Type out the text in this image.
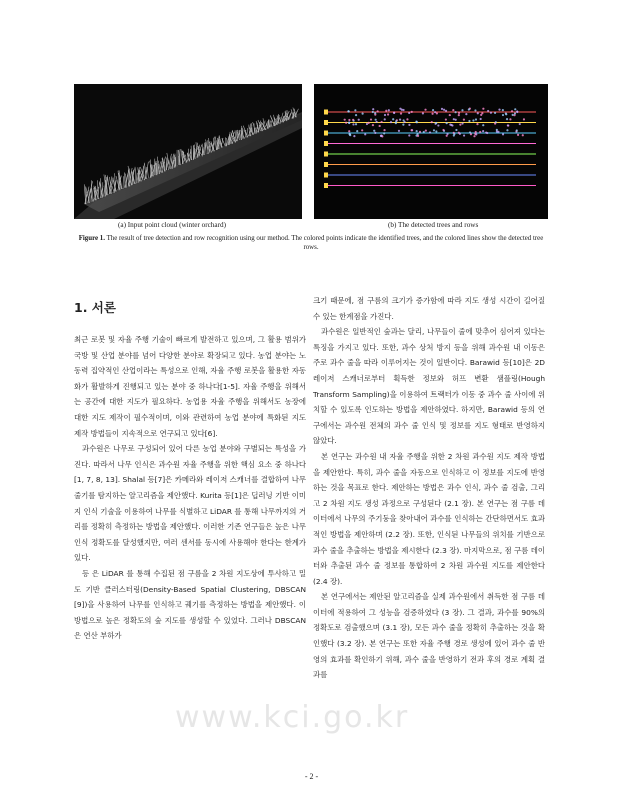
(a) Input point cloud (winter orchard)	(b) The detected trees and rows
Figure 1. The result of tree detection and row recognition using our method. The colored points indicate the identified trees, and the colored lines show the detected tree rows.
1. 서론

최근 로봇 및 자율 주행 기술이 빠르게 발전하고 있으며, 그 활용 범위가 국방 및 산업 분야를 넘어 다양한 분야로 확장되고 있다. 농업 분야는 노동력 집약적인 산업이라는 특성으로 인해, 자율 주행 로봇을 활용한 자동화가 활발하게 진행되고 있는 분야 중 하나다[1-5]. 자율 주행을 위해서는 공간에 대한 지도가 필요하다. 농업용 자율 주행을 위해서도 농장에 대한 지도 제작이 필수적이며, 이와 관련하여 농업 분야에 특화된 지도 제작 방법들이 지속적으로 연구되고 있다[6].

과수원은 나무로 구성되어 있어 다른 농업 분야와 구별되는 특성을 가진다. 따라서 나무 인식은 과수원 자율 주행을 위한 핵심 요소 중 하나다[1, 7, 8, 13]. Shalal 등[7]은 카메라와 레이저 스캐너를 결합하여 나무 줄기를 탐지하는 알고리즘을 제안했다. Kurita 등[1]은 딥러닝 기반 이미지 인식 기술을 이용하여 나무를 식별하고 LiDAR 를 통해 나무까지의 거리를 정확히 측정하는 방법을 제안했다. 이러한 기존 연구들은 높은 나무 인식 정확도를 달성했지만, 여러 센서를 동시에 사용해야 한다는 한계가 있다.

등 은 LiDAR 를 통해 수집된 점 구름을 2 차원 지도상에 투사하고 밀도 기반 클러스터링(Density-Based Spatial Clustering, DBSCAN [9])을 사용하여 나무를 인식하고 궤기를 측정하는 방법을 제안했다. 이 방법으로 높은 정확도의 숲 지도를 생성할 수 있었다. 그러나 DBSCAN 은 연산 부하가

크기 때문에, 점 구름의 크기가 증가함에 따라 지도 생성 시간이 길어질 수 있는 한계점을 가진다.

과수원은 일반적인 숲과는 달리, 나무들이 줄에 맞추어 심어져 있다는 특징을 가지고 있다. 또한, 과수 상처 방지 등을 위해 과수원 내 이동은 주로 과수 줄을 따라 이루어지는 것이 일반이다. Barawid 등[10]은 2D 레이저 스캐너로부터 획득한 정보와 허프 변환 샘플링(Hough Transform Sampling)을 이용하여 트랙터가 이동 중 과수 줄 사이에 위치할 수 있도록 인도하는 방법을 제안하였다. 하지만, Barawid 등의 연구에서는 과수원 전체의 과수 줄 인식 및 정보를 지도 형태로 반영하지 않았다.

본 연구는 과수원 내 자율 주행을 위한 2 차원 과수원 지도 제작 방법을 제안한다. 특히, 과수 줄을 자동으로 인식하고 이 정보를 지도에 반영하는 것을 목표로 한다. 제안하는 방법은 과수 인식, 과수 줄 검출, 그리고 2 차원 지도 생성 과정으로 구성된다 (2.1 장). 본 연구는 점 구름 데이터에서 나무의 주기둥을 찾아내어 과수를 인식하는 간단하면서도 효과적인 방법을 제안하며 (2.2 장). 또한, 인식된 나무들의 위치를 기반으로 과수 줄을 추출하는 방법을 제시한다 (2.3 장). 마지막으로, 점 구름 데이터와 추출된 과수 줄 정보를 통합하여 2 차원 과수원 지도를 제안한다 (2.4 장).

본 연구에서는 제안된 알고리즘을 실제 과수원에서 취득한 점 구름 데이터에 적용하여 그 성능을 검증하였다 (3 장). 그 결과, 과수를 90%의 정확도로 검출했으며 (3.1 장), 모든 과수 줄을 정확히 추출하는 것을 확인했다 (3.2 장). 본 연구는 또한 자율 주행 경로 생성에 있어 과수 줄 반영의 효과를 확인하기 위해, 과수 줄을 반영하기 전과 후의 경로 계획 결과를

www.kci.go.kr
- 2 -
